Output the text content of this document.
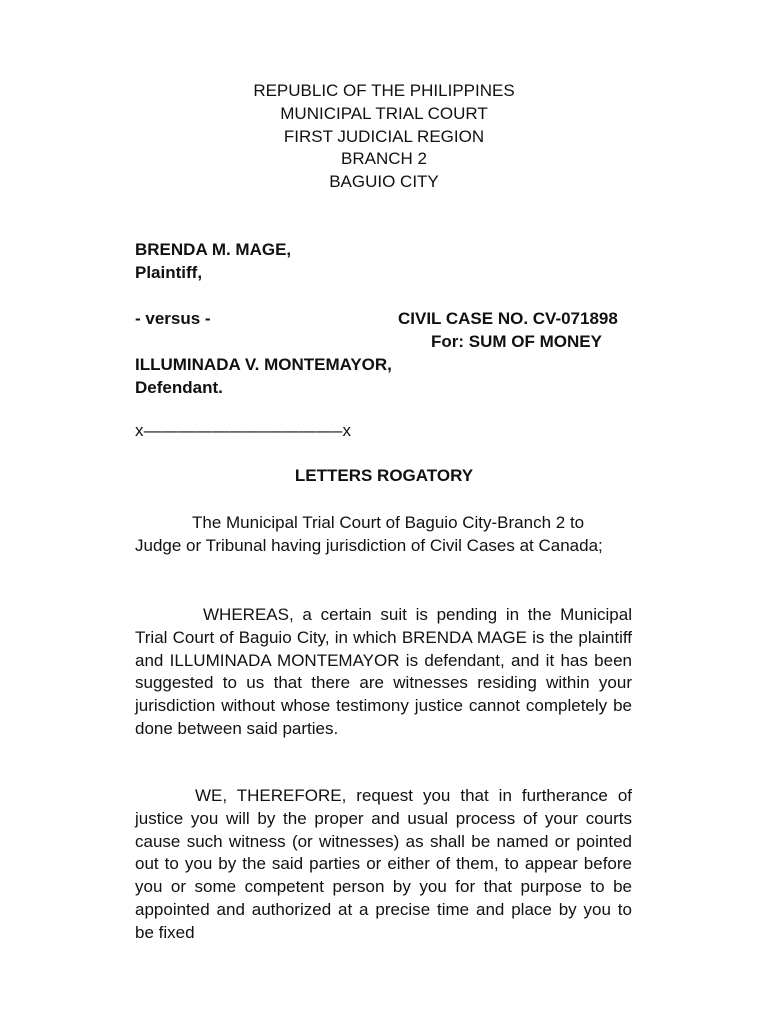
REPUBLIC OF THE PHILIPPINES
MUNICIPAL TRIAL COURT
FIRST JUDICIAL REGION
BRANCH 2
BAGUIO CITY
BRENDA M. MAGE,
Plaintiff,
- versus -	CIVIL CASE NO. CV-071898
For: SUM OF MONEY
ILLUMINADA V. MONTEMAYOR,
Defendant.
x———————————–x
LETTERS ROGATORY
The Municipal Trial Court of Baguio City-Branch 2 to Judge or Tribunal having jurisdiction of Civil Cases at Canada;
WHEREAS, a certain suit is pending in the Municipal Trial Court of Baguio City, in which BRENDA MAGE is the plaintiff and ILLUMINADA MONTEMAYOR is defendant, and it has been suggested to us that there are witnesses residing within your jurisdiction without whose testimony justice cannot completely be done between said parties.
WE, THEREFORE, request you that in furtherance of justice you will by the proper and usual process of your courts cause such witness (or witnesses) as shall be named or pointed out to you by the said parties or either of them, to appear before you or some competent person by you for that purpose to be appointed and authorized at a precise time and place by you to be fixed
